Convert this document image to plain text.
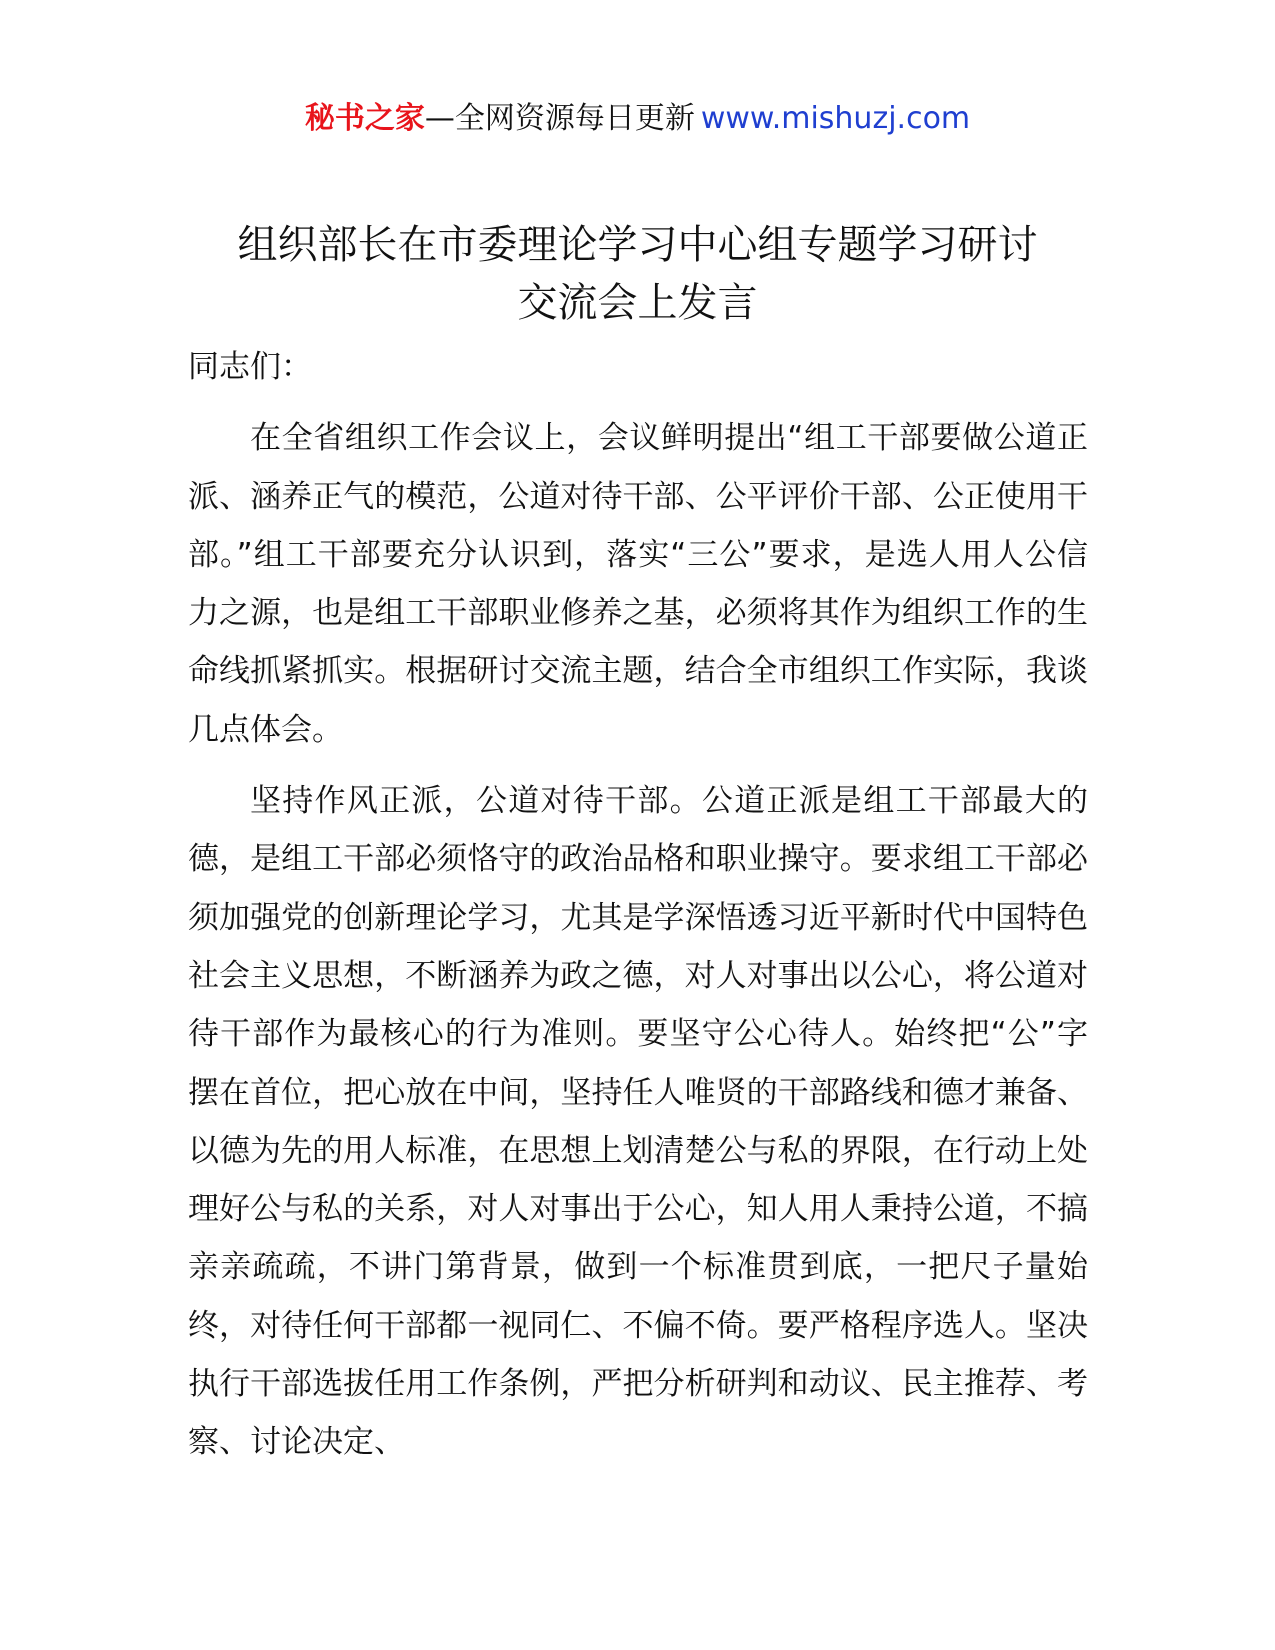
秘书之家—全网资源每日更新 www.mishuzj.com
组织部长在市委理论学习中心组专题学习研讨
交流会上发言

同志们：

在全省组织工作会议上，会议鲜明提出“组工干部要做公道正派、涵养正气的模范，公道对待干部、公平评价干部、公正使用干部。”组工干部要充分认识到，落实“三公”要求，是选人用人公信力之源，也是组工干部职业修养之基，必须将其作为组织工作的生命线抓紧抓实。根据研讨交流主题，结合全市组织工作实际，我谈几点体会。

坚持作风正派，公道对待干部。公道正派是组工干部最大的德，是组工干部必须恪守的政治品格和职业操守。要求组工干部必须加强党的创新理论学习，尤其是学深悟透习近平新时代中国特色社会主义思想，不断涵养为政之德，对人对事出以公心，将公道对待干部作为最核心的行为准则。要坚守公心待人。始终把“公”字摆在首位，把心放在中间，坚持任人唯贤的干部路线和德才兼备、以德为先的用人标准，在思想上划清楚公与私的界限，在行动上处理好公与私的关系，对人对事出于公心，知人用人秉持公道，不搞亲亲疏疏，不讲门第背景，做到一个标准贯到底，一把尺子量始终，对待任何干部都一视同仁、不偏不倚。要严格程序选人。坚决执行干部选拔任用工作条例，严把分析研判和动议、民主推荐、考察、讨论决定、
